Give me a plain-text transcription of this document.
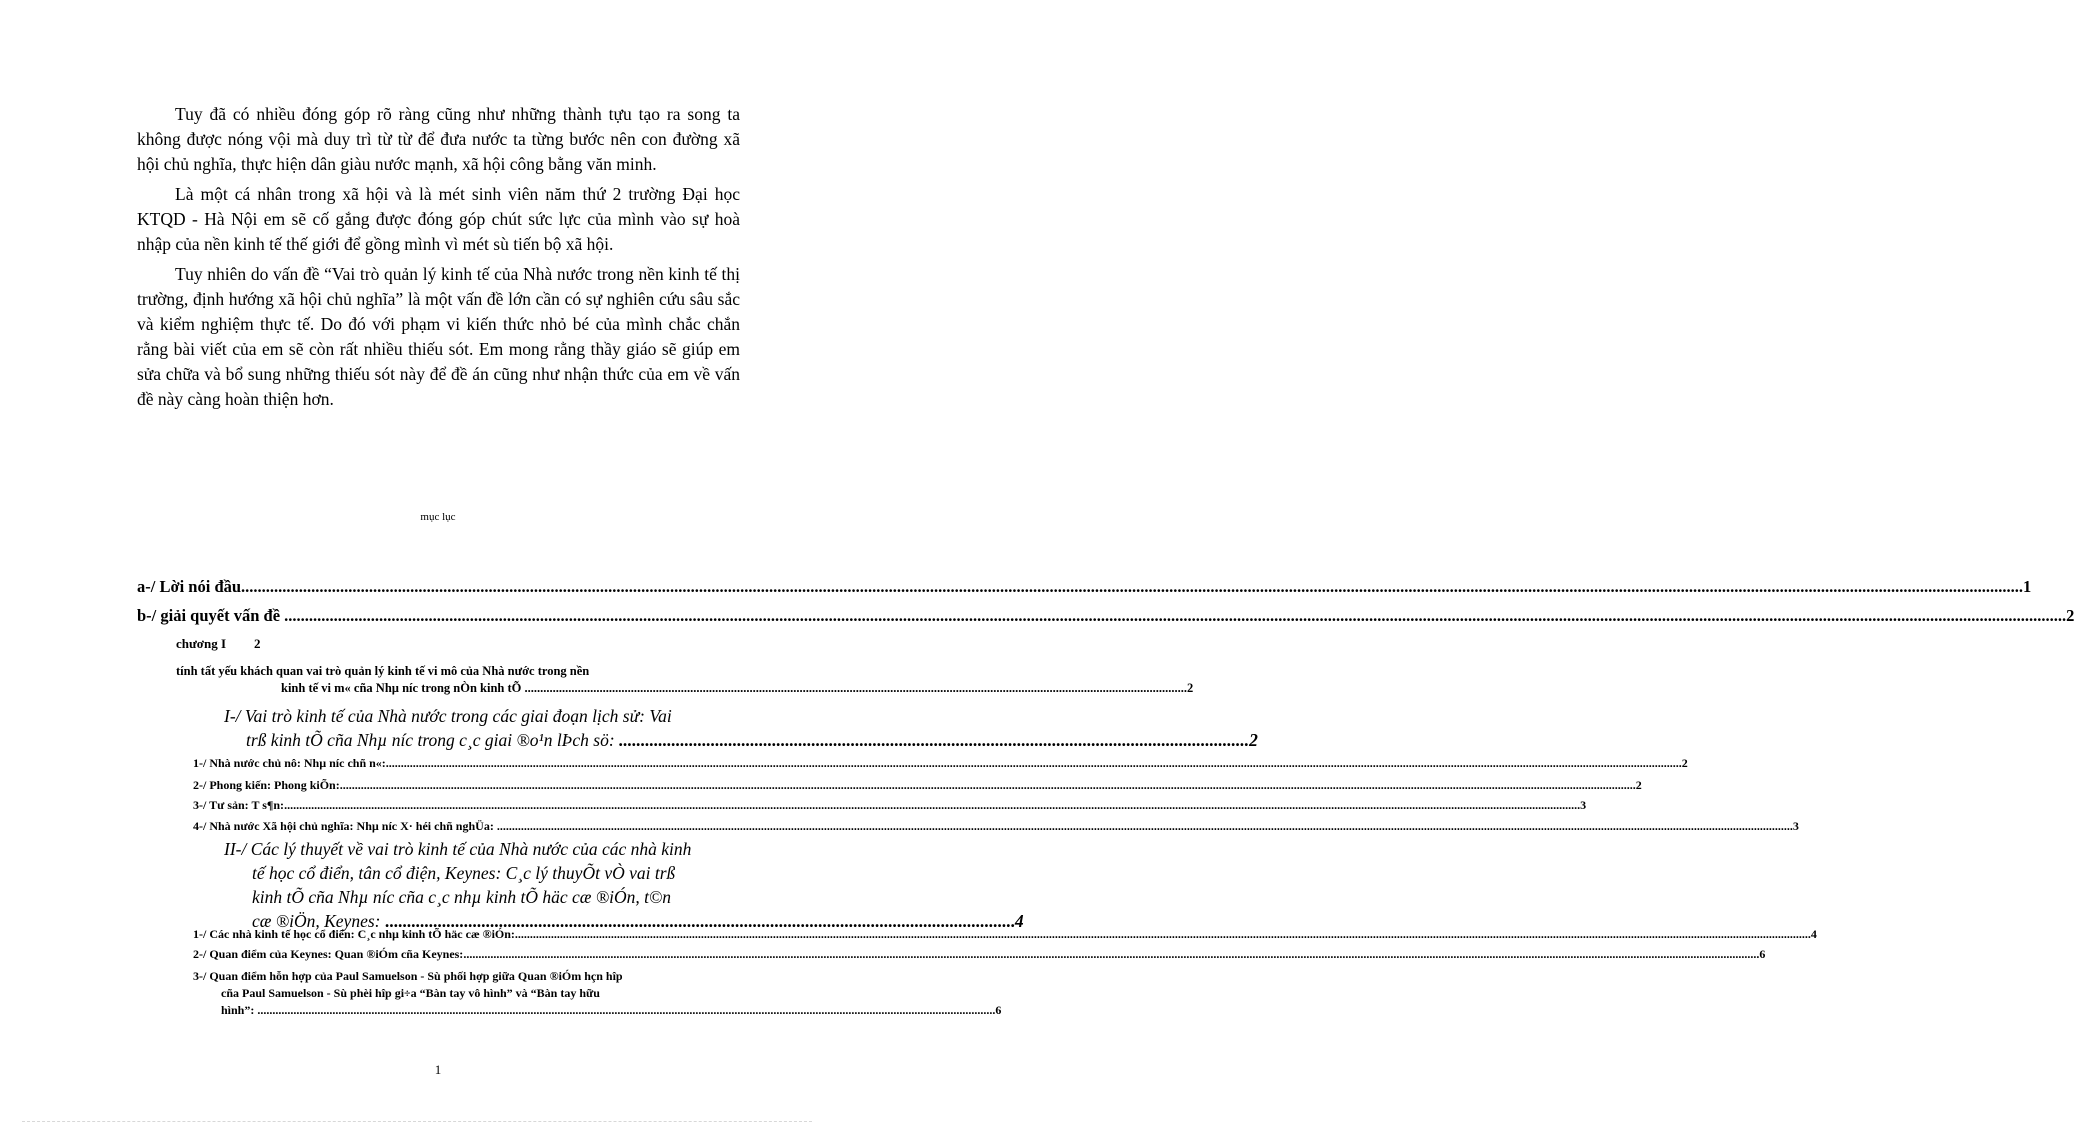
Tuy đã có nhiều đóng góp rõ ràng cũng như những thành tựu tạo ra song ta không được nóng vội mà duy trì từ từ để đưa nước ta từng bước nên con đường xã hội chủ nghĩa, thực hiện dân giàu nước mạnh, xã hội công bằng văn minh.

Là một cá nhân trong xã hội và là mét sinh viên năm thứ 2 trường Đại học KTQD - Hà Nội em sẽ cố gắng được đóng góp chút sức lực của mình vào sự hoà nhập của nền kinh tế thế giới để gồng mình vì mét sù tiến bộ xã hội.

Tuy nhiên do vấn đề “Vai trò quản lý kinh tế của Nhà nước trong nền kinh tế thị trường, định hướng xã hội chủ nghĩa” là một vấn đề lớn cần có sự nghiên cứu sâu sắc và kiểm nghiệm thực tế. Do đó với phạm vi kiến thức nhỏ bé của mình chắc chắn rằng bài viết của em sẽ còn rất nhiều thiếu sót. Em mong rằng thầy giáo sẽ giúp em sửa chữa và bổ sung những thiếu sót này để đề án cũng như nhận thức của em về vấn đề này càng hoàn thiện hơn.

mục lục
a-/ Lời nói đầu .....	1
b-/ giải quyết vấn đề .....	2
chương I 2
tính tất yếu khách quan vai trò quản lý kinh tế vi mô của Nhà nước trong nền
kinh tế vi m« cña Nhµ níc trong nÒn kinh tÕ .....	2
I-/ Vai trò kinh tế của Nhà nước trong các giai đoạn lịch sử: Vai
trß kinh tÕ cña Nhµ níc trong c¸c giai ®o¹n lÞch sö: ................................................................................................................................................ 2
1-/ Nhà nước chủ nô: Nhµ níc chñ n«: .....	2
2-/ Phong kiến: Phong kiÕn: .....	2
3-/ Tư sản: T s¶n: .....	3
4-/ Nhà nước Xã hội chủ nghĩa: Nhµ níc X· héi chñ nghÜa: .....	3
II-/ Các lý thuyết về vai trò kinh tế của Nhà nước của các nhà kinh
tế học cổ điển, tân cổ điện, Keynes: C¸c lý thuyÕt vÒ vai trß
kinh tÕ cña Nhµ níc cña c¸c nhµ kinh tÕ häc cæ ®iÓn, t©n
cæ ®iÖn, Keynes: ................................................................................................................................................ 4
1-/ Các nhà kinh tế học cổ điển: C¸c nhµ kinh tÕ häc cæ ®iÓn: .....	4
2-/ Quan điểm của Keynes: Quan ®iÓm cña Keynes: .....	6
3-/ Quan điểm hỗn hợp của Paul Samuelson - Sù phối hợp giữa Quan ®iÓm hçn hîp
cña Paul Samuelson - Sù phèi hîp gi÷a “Bàn tay vô hình” và “Bàn tay hữu
hình”: .....	6
1
